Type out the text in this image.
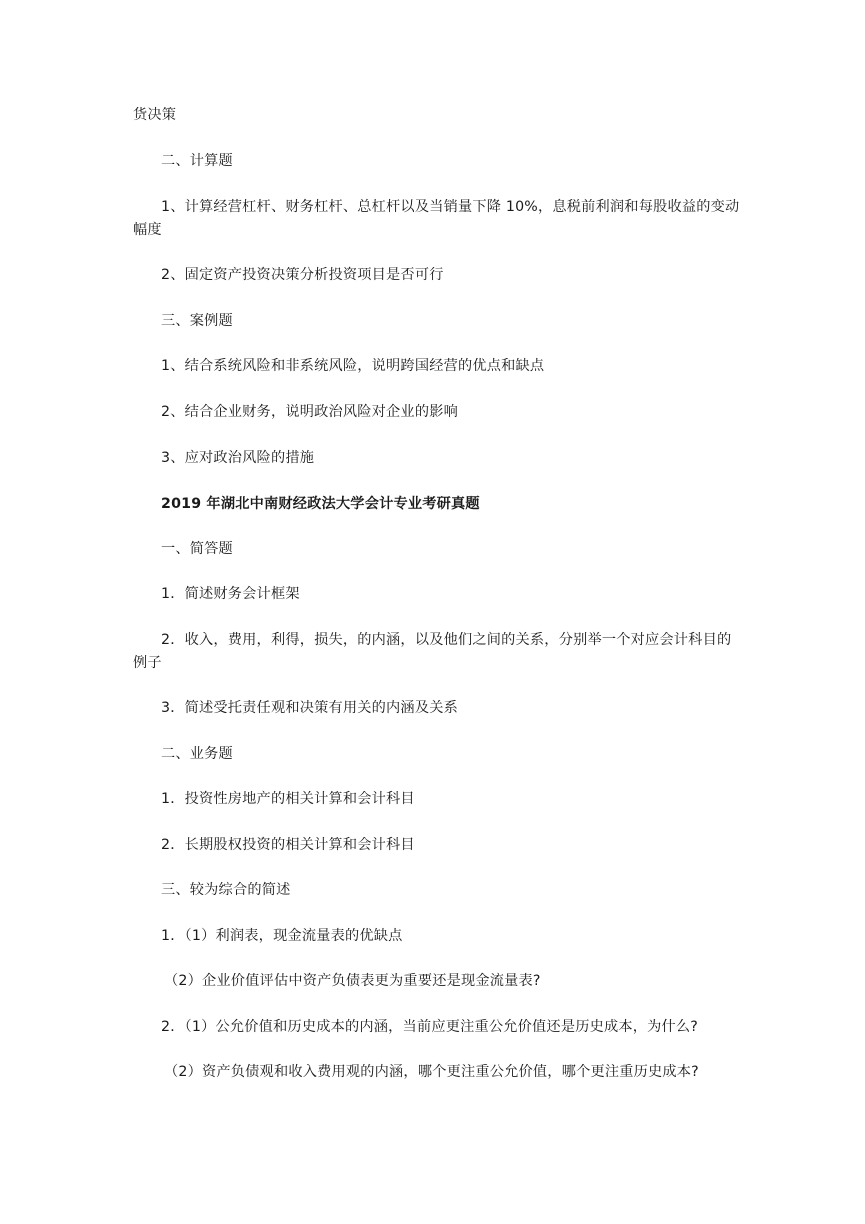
货决策
二、计算题
1、计算经营杠杆、财务杠杆、总杠杆以及当销量下降 10%，息税前利润和每股收益的变动幅度
2、固定资产投资决策分析投资项目是否可行
三、案例题
1、结合系统风险和非系统风险，说明跨国经营的优点和缺点
2、结合企业财务，说明政治风险对企业的影响
3、应对政治风险的措施
2019 年湖北中南财经政法大学会计专业考研真题
一、简答题
1．简述财务会计框架
2．收入，费用，利得，损失，的内涵，以及他们之间的关系，分别举一个对应会计科目的例子
3．简述受托责任观和决策有用关的内涵及关系
二、业务题
1．投资性房地产的相关计算和会计科目
2．长期股权投资的相关计算和会计科目
三、较为综合的简述
1．（1）利润表，现金流量表的优缺点
（2）企业价值评估中资产负债表更为重要还是现金流量表?
2．（1）公允价值和历史成本的内涵，当前应更注重公允价值还是历史成本，为什么?
（2）资产负债观和收入费用观的内涵，哪个更注重公允价值，哪个更注重历史成本?
